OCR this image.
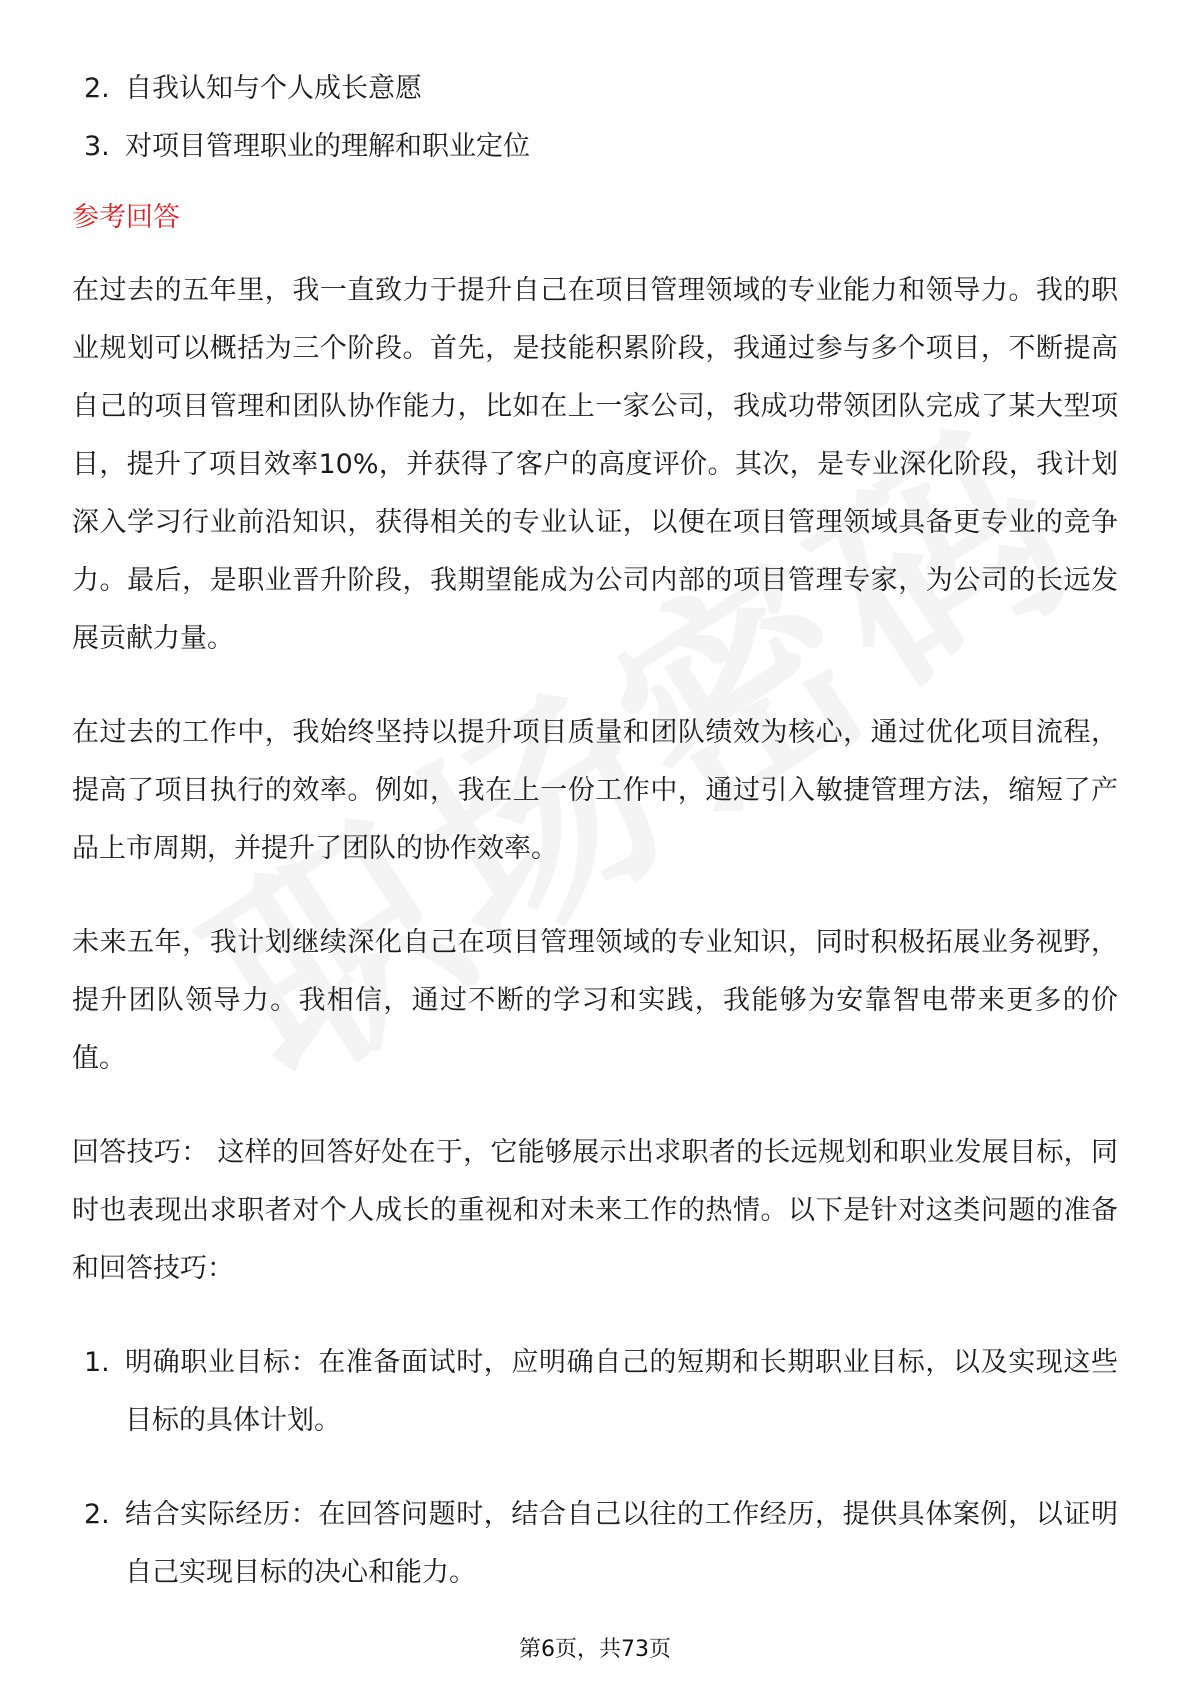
2. 自我认知与个人成长意愿
3. 对项目管理职业的理解和职业定位
参考回答

在过去的五年里，我一直致力于提升自己在项目管理领域的专业能力和领导力。我的职业规划可以概括为三个阶段。首先，是技能积累阶段，我通过参与多个项目，不断提高自己的项目管理和团队协作能力，比如在上一家公司，我成功带领团队完成了某大型项目，提升了项目效率10%，并获得了客户的高度评价。其次，是专业深化阶段，我计划深入学习行业前沿知识，获得相关的专业认证，以便在项目管理领域具备更专业的竞争力。最后，是职业晋升阶段，我期望能成为公司内部的项目管理专家，为公司的长远发展贡献力量。

在过去的工作中，我始终坚持以提升项目质量和团队绩效为核心，通过优化项目流程，提高了项目执行的效率。例如，我在上一份工作中，通过引入敏捷管理方法，缩短了产品上市周期，并提升了团队的协作效率。

未来五年，我计划继续深化自己在项目管理领域的专业知识，同时积极拓展业务视野，提升团队领导力。我相信，通过不断的学习和实践，我能够为安靠智电带来更多的价值。

回答技巧： 这样的回答好处在于，它能够展示出求职者的长远规划和职业发展目标，同时也表现出求职者对个人成长的重视和对未来工作的热情。以下是针对这类问题的准备和回答技巧：

1. 明确职业目标：在准备面试时，应明确自己的短期和长期职业目标，以及实现这些目标的具体计划。
2. 结合实际经历：在回答问题时，结合自己以往的工作经历，提供具体案例，以证明自己实现目标的决心和能力。
第6页，共73页
